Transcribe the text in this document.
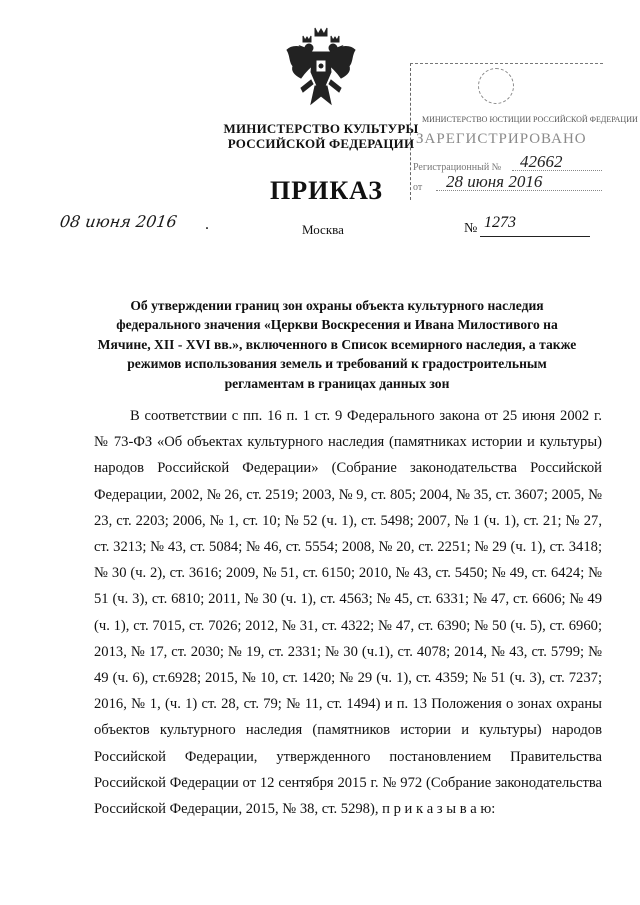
МИНИСТЕРСТВО КУЛЬТУРЫ
РОССИЙСКОЙ ФЕДЕРАЦИИ
МИНИСТЕРСТВО ЮСТИЦИИ РОССИЙСКОЙ ФЕДЕРАЦИИ
ЗАРЕГИСТРИРОВАНО
Регистрационный № 42662
от 28 июня 2016
ПРИКАЗ
08 июня 2016 .	Москва	№ 1273
Об утверждении границ зон охраны объекта культурного наследия федерального значения «Церкви Воскресения и Ивана Милостивого на Мячине, XII - XVI вв.», включенного в Список всемирного наследия, а также режимов использования земель и требований к градостроительным регламентам в границах данных зон
В соответствии с пп. 16 п. 1 ст. 9 Федерального закона от 25 июня 2002 г. № 73-ФЗ «Об объектах культурного наследия (памятниках истории и культуры) народов Российской Федерации» (Собрание законодательства Российской Федерации, 2002, № 26, ст. 2519; 2003, № 9, ст. 805; 2004, № 35, ст. 3607; 2005, № 23, ст. 2203; 2006, № 1, ст. 10; № 52 (ч. 1), ст. 5498; 2007, № 1 (ч. 1), ст. 21; № 27, ст. 3213; № 43, ст. 5084; № 46, ст. 5554; 2008, № 20, ст. 2251; № 29 (ч. 1), ст. 3418; № 30 (ч. 2), ст. 3616; 2009, № 51, ст. 6150; 2010, № 43, ст. 5450; № 49, ст. 6424; № 51 (ч. 3), ст. 6810; 2011, № 30 (ч. 1), ст. 4563; № 45, ст. 6331; № 47, ст. 6606; № 49 (ч. 1), ст. 7015, ст. 7026; 2012, № 31, ст. 4322; № 47, ст. 6390; № 50 (ч. 5), ст. 6960; 2013, № 17, ст. 2030; № 19, ст. 2331; № 30 (ч.1), ст. 4078; 2014, № 43, ст. 5799; № 49 (ч. 6), ст.6928; 2015, № 10, ст. 1420; № 29 (ч. 1), ст. 4359; № 51 (ч. 3), ст. 7237; 2016, № 1, (ч. 1) ст. 28, ст. 79; № 11, ст. 1494) и п. 13 Положения о зонах охраны объектов культурного наследия (памятников истории и культуры) народов Российской Федерации, утвержденного постановлением Правительства Российской Федерации от 12 сентября 2015 г. № 972 (Собрание законодательства Российской Федерации, 2015, № 38, ст. 5298), п р и к а з ы в а ю:
